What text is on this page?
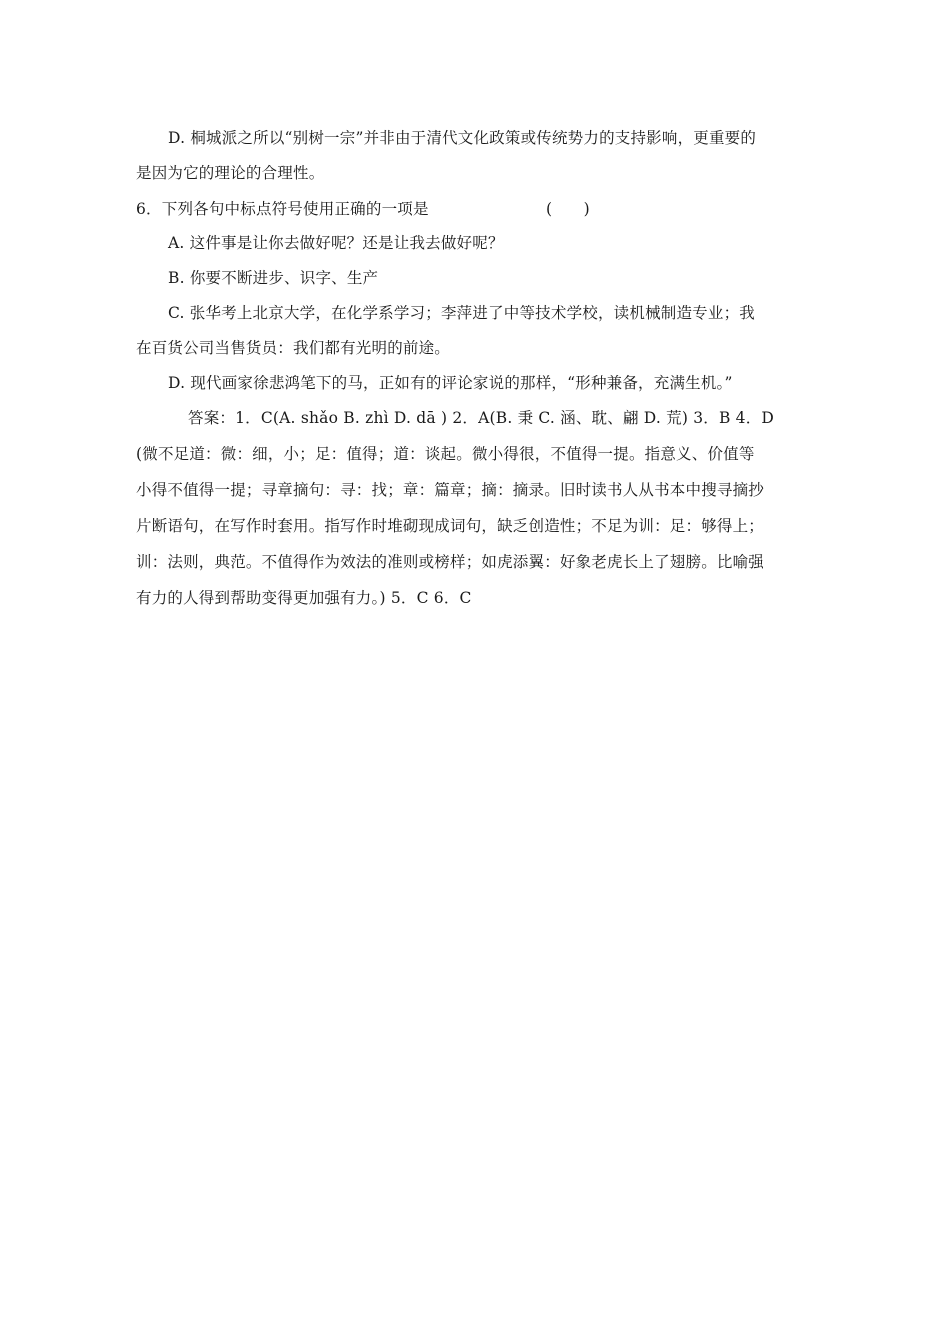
D. 桐城派之所以“别树一宗”并非由于清代文化政策或传统势力的支持影响，更重要的
是因为它的理论的合理性。
6．下列各句中标点符号使用正确的一项是	(　　)
A. 这件事是让你去做好呢？还是让我去做好呢？
B. 你要不断进步、识字、生产
C. 张华考上北京大学，在化学系学习；李萍进了中等技术学校，读机械制造专业；我
在百货公司当售货员：我们都有光明的前途。
D. 现代画家徐悲鸿笔下的马，正如有的评论家说的那样，“形种兼备，充满生机。”
答案：1．C(A. shǎo B. zhì D. dā ) 2．A(B. 秉 C. 涵、耽、翩 D. 荒) 3．B 4．D
(微不足道：微：细，小；足：值得；道：谈起。微小得很，不值得一提。指意义、价值等
小得不值得一提；寻章摘句：寻：找；章：篇章；摘：摘录。旧时读书人从书本中搜寻摘抄
片断语句，在写作时套用。指写作时堆砌现成词句，缺乏创造性；不足为训：足：够得上；
训：法则，典范。不值得作为效法的准则或榜样；如虎添翼：好象老虎长上了翅膀。比喻强
有力的人得到帮助变得更加强有力。) 5．C 6．C
